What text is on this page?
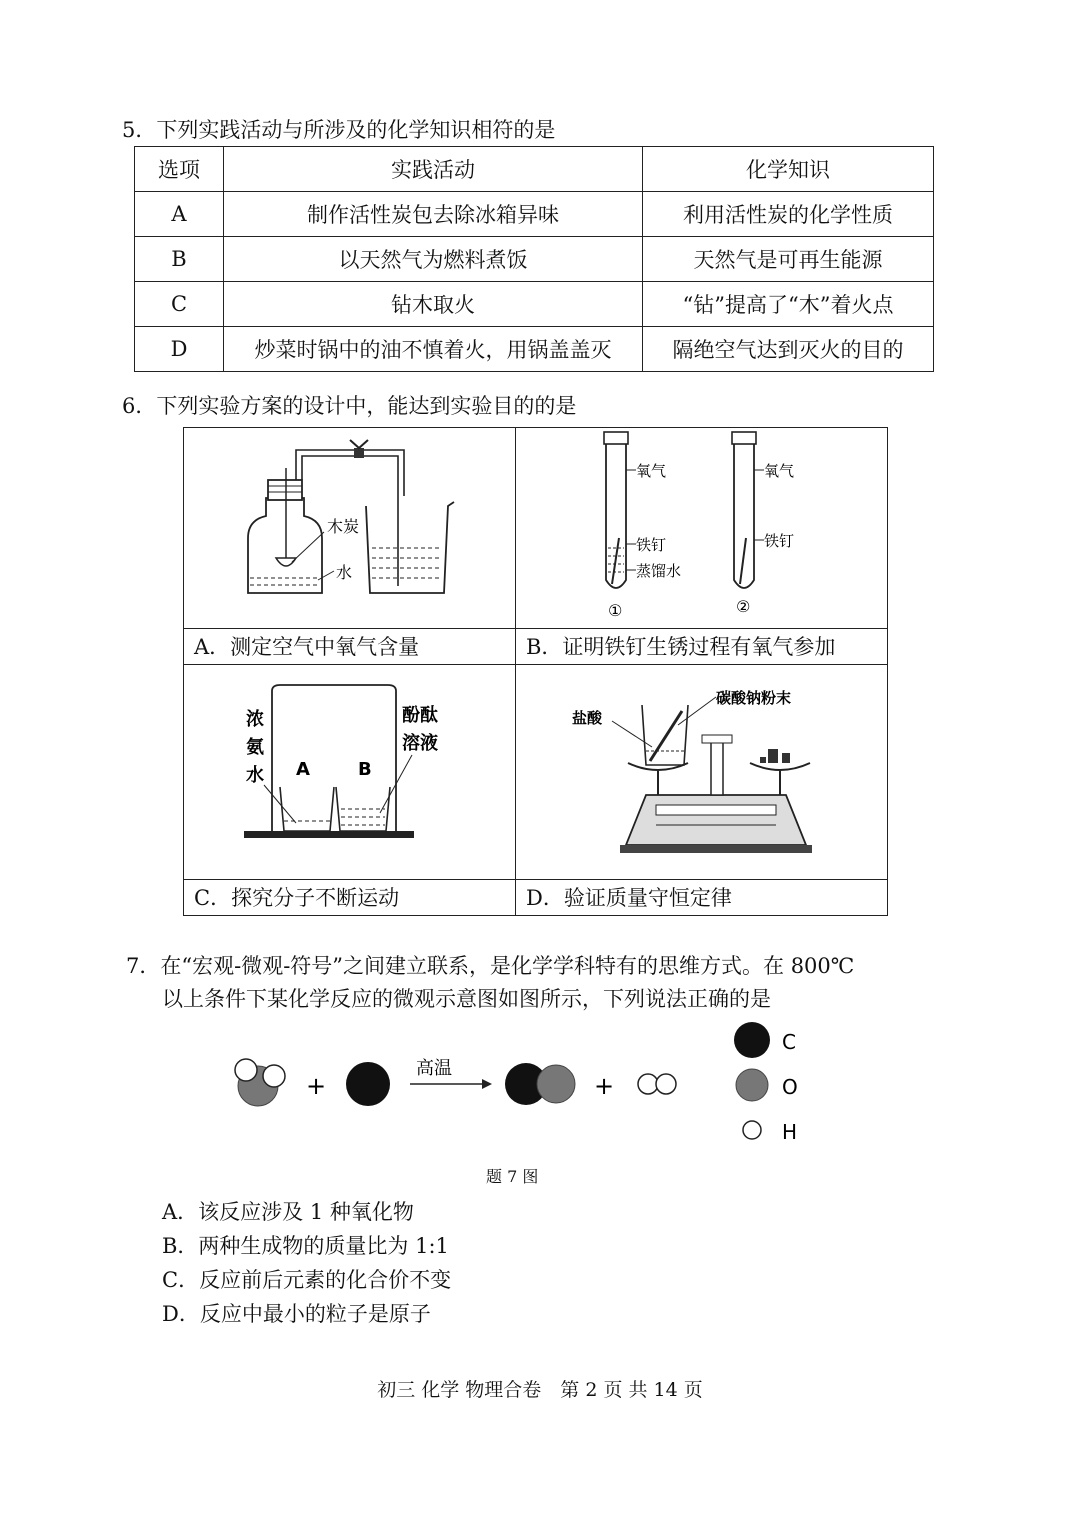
5．下列实践活动与所涉及的化学知识相符的是
选项	实践活动	化学知识
A	制作活性炭包去除冰箱异味	利用活性炭的化学性质
B	以天然气为燃料煮饭	天然气是可再生能源
C	钻木取火	“钻”提高了“木”着火点
D	炒菜时锅中的油不慎着火，用锅盖盖灭	隔绝空气达到灭火的目的
6．下列实验方案的设计中，能达到实验目的的是
木炭
水
A．测定空气中氧气含量
氧气
铁钉
蒸馏水
①
氧气
铁钉
②
B．证明铁钉生锈过程有氧气参加
A	B
浓
氨
水
酚酞
溶液
C．探究分子不断运动
盐酸
碳酸钠粉末
D．验证质量守恒定律
7．在“宏观-微观-符号”之间建立联系，是化学学科特有的思维方式。在 800℃
以上条件下某化学反应的微观示意图如图所示，下列说法正确的是
+
高温
+
C
O
H
题 7 图
A．该反应涉及 1 种氧化物
B．两种生成物的质量比为 1:1
C．反应前后元素的化合价不变
D．反应中最小的粒子是原子
初三 化学 物理合卷　第 2 页 共 14 页
